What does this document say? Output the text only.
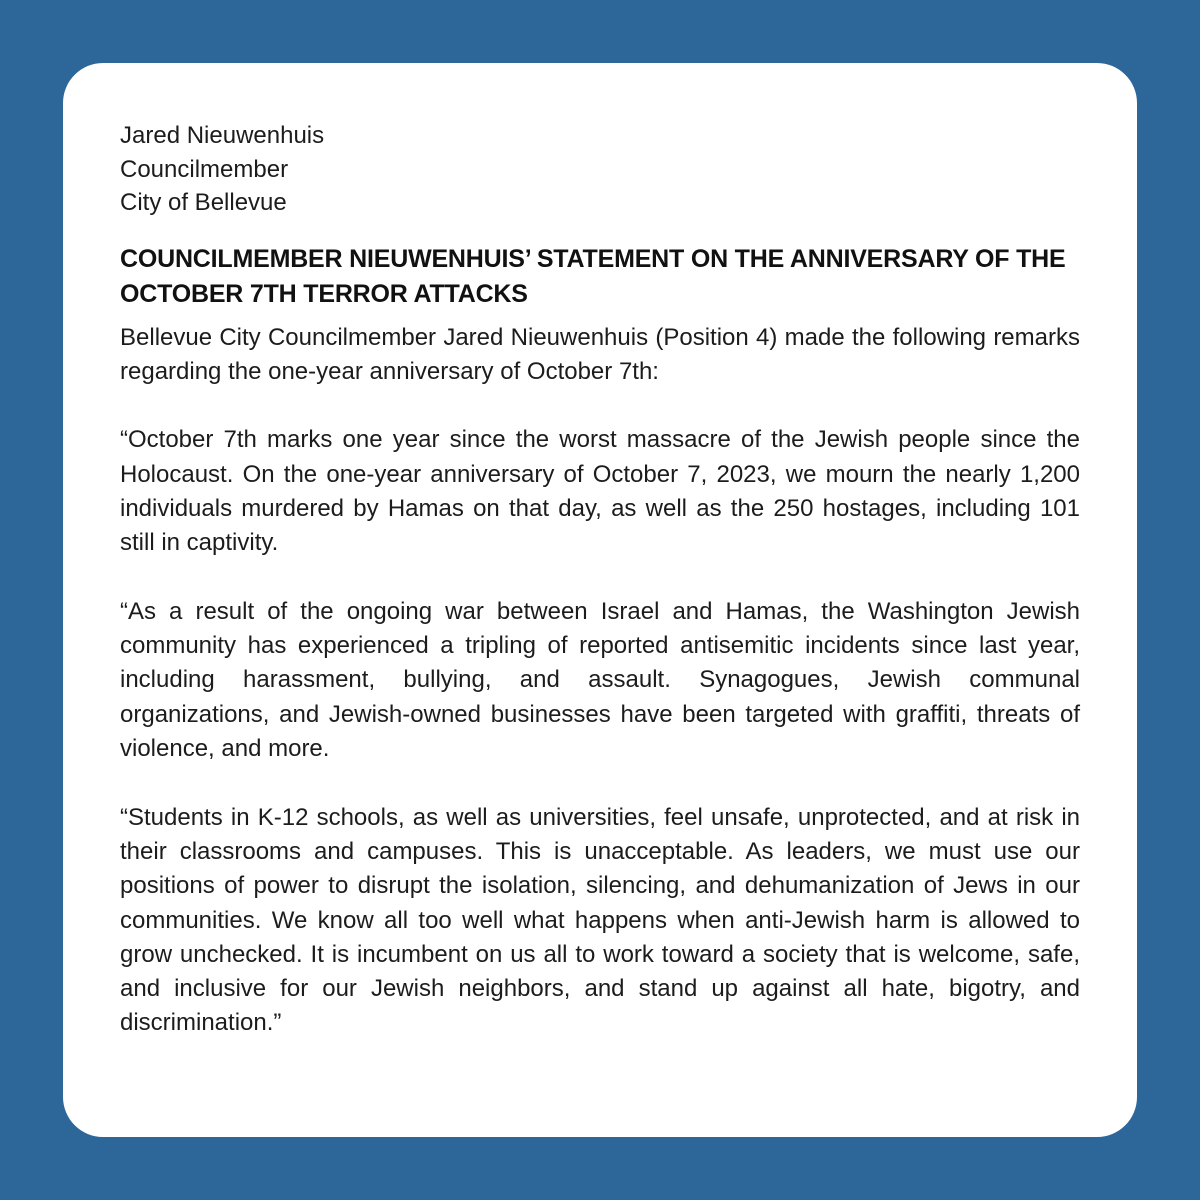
Jared Nieuwenhuis
Councilmember
City of Bellevue
COUNCILMEMBER NIEUWENHUIS’ STATEMENT ON THE ANNIVERSARY OF THE OCTOBER 7TH TERROR ATTACKS

Bellevue City Councilmember Jared Nieuwenhuis (Position 4) made the following remarks regarding the one-year anniversary of October 7th:

“October 7th marks one year since the worst massacre of the Jewish people since the Holocaust. On the one-year anniversary of October 7, 2023, we mourn the nearly 1,200 individuals murdered by Hamas on that day, as well as the 250 hostages, including 101 still in captivity.

“As a result of the ongoing war between Israel and Hamas, the Washington Jewish community has experienced a tripling of reported antisemitic incidents since last year, including harassment, bullying, and assault. Synagogues, Jewish communal organizations, and Jewish-owned businesses have been targeted with graffiti, threats of violence, and more.

“Students in K-12 schools, as well as universities, feel unsafe, unprotected, and at risk in their classrooms and campuses. This is unacceptable. As leaders, we must use our positions of power to disrupt the isolation, silencing, and dehumanization of Jews in our communities. We know all too well what happens when anti-Jewish harm is allowed to grow unchecked. It is incumbent on us all to work toward a society that is welcome, safe, and inclusive for our Jewish neighbors, and stand up against all hate, bigotry, and discrimination.”
